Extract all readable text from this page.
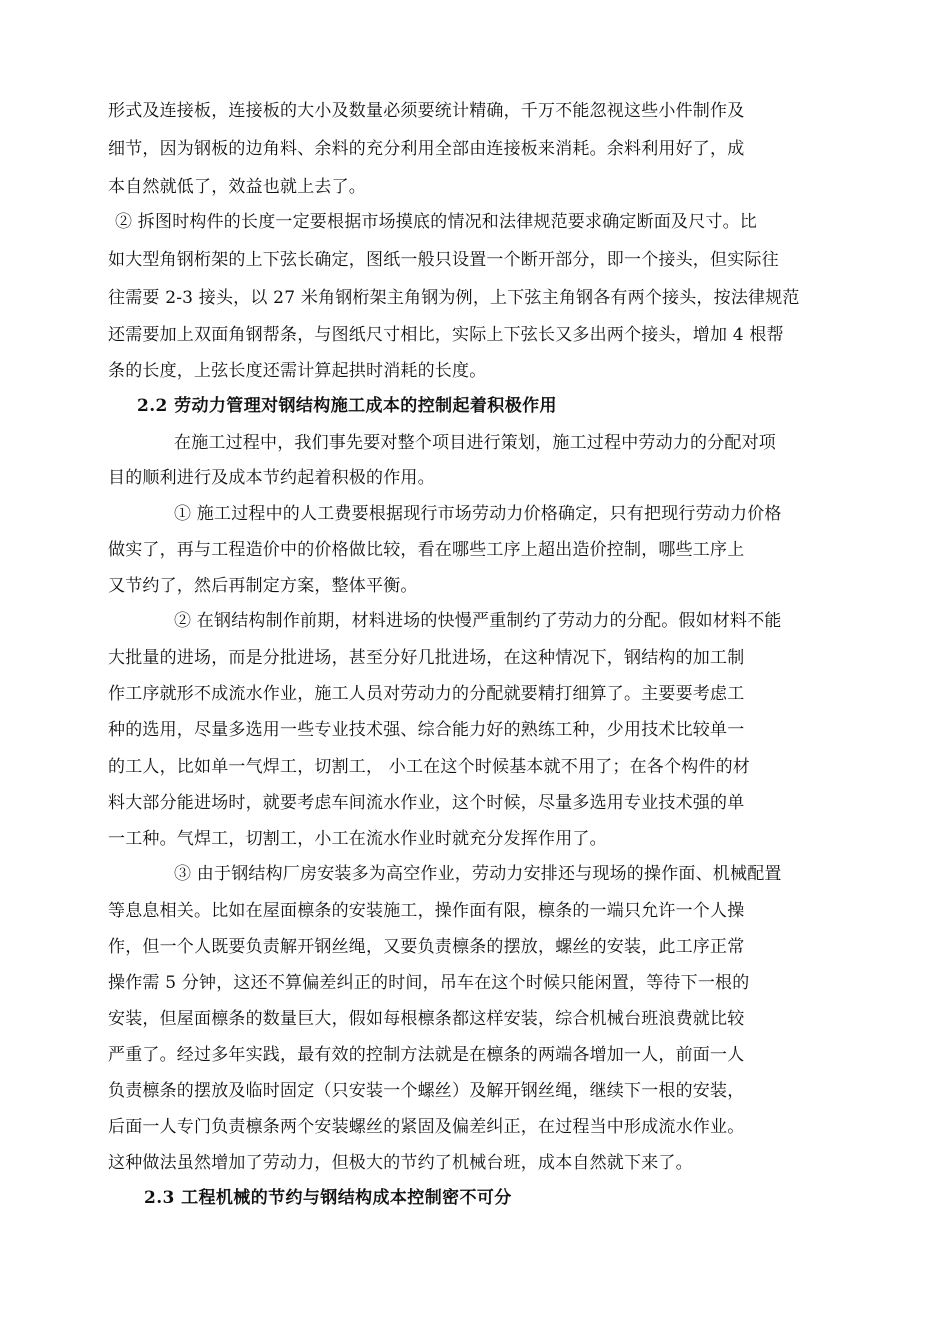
形式及连接板，连接板的大小及数量必须要统计精确，千万不能忽视这些小件制作及
细节，因为钢板的边角料、余料的充分利用全部由连接板来消耗。余料利用好了，成
本自然就低了，效益也就上去了。
② 拆图时构件的长度一定要根据市场摸底的情况和法律规范要求确定断面及尺寸。比
如大型角钢桁架的上下弦长确定，图纸一般只设置一个断开部分，即一个接头，但实际往
往需要 2-3 接头，以 27 米角钢桁架主角钢为例，上下弦主角钢各有两个接头，按法律规范
还需要加上双面角钢帮条，与图纸尺寸相比，实际上下弦长又多出两个接头，增加 4 根帮
条的长度，上弦长度还需计算起拱时消耗的长度。
2.2 劳动力管理对钢结构施工成本的控制起着积极作用
在施工过程中，我们事先要对整个项目进行策划，施工过程中劳动力的分配对项
目的顺利进行及成本节约起着积极的作用。
① 施工过程中的人工费要根据现行市场劳动力价格确定，只有把现行劳动力价格
做实了，再与工程造价中的价格做比较，看在哪些工序上超出造价控制，哪些工序上
又节约了，然后再制定方案，整体平衡。
② 在钢结构制作前期，材料进场的快慢严重制约了劳动力的分配。假如材料不能
大批量的进场，而是分批进场，甚至分好几批进场，在这种情况下，钢结构的加工制
作工序就形不成流水作业，施工人员对劳动力的分配就要精打细算了。主要要考虑工
种的选用，尽量多选用一些专业技术强、综合能力好的熟练工种，少用技术比较单一
的工人，比如单一气焊工，切割工， 小工在这个时候基本就不用了；在各个构件的材
料大部分能进场时，就要考虑车间流水作业，这个时候，尽量多选用专业技术强的单
一工种。气焊工，切割工，小工在流水作业时就充分发挥作用了。
③ 由于钢结构厂房安装多为高空作业，劳动力安排还与现场的操作面、机械配置
等息息相关。比如在屋面檩条的安装施工，操作面有限，檩条的一端只允许一个人操
作，但一个人既要负责解开钢丝绳，又要负责檩条的摆放，螺丝的安装，此工序正常
操作需 5 分钟，这还不算偏差纠正的时间，吊车在这个时候只能闲置，等待下一根的
安装，但屋面檩条的数量巨大，假如每根檩条都这样安装，综合机械台班浪费就比较
严重了。经过多年实践，最有效的控制方法就是在檩条的两端各增加一人，前面一人
负责檩条的摆放及临时固定（只安装一个螺丝）及解开钢丝绳，继续下一根的安装，
后面一人专门负责檩条两个安装螺丝的紧固及偏差纠正，在过程当中形成流水作业。
这种做法虽然增加了劳动力，但极大的节约了机械台班，成本自然就下来了。
2.3 工程机械的节约与钢结构成本控制密不可分
